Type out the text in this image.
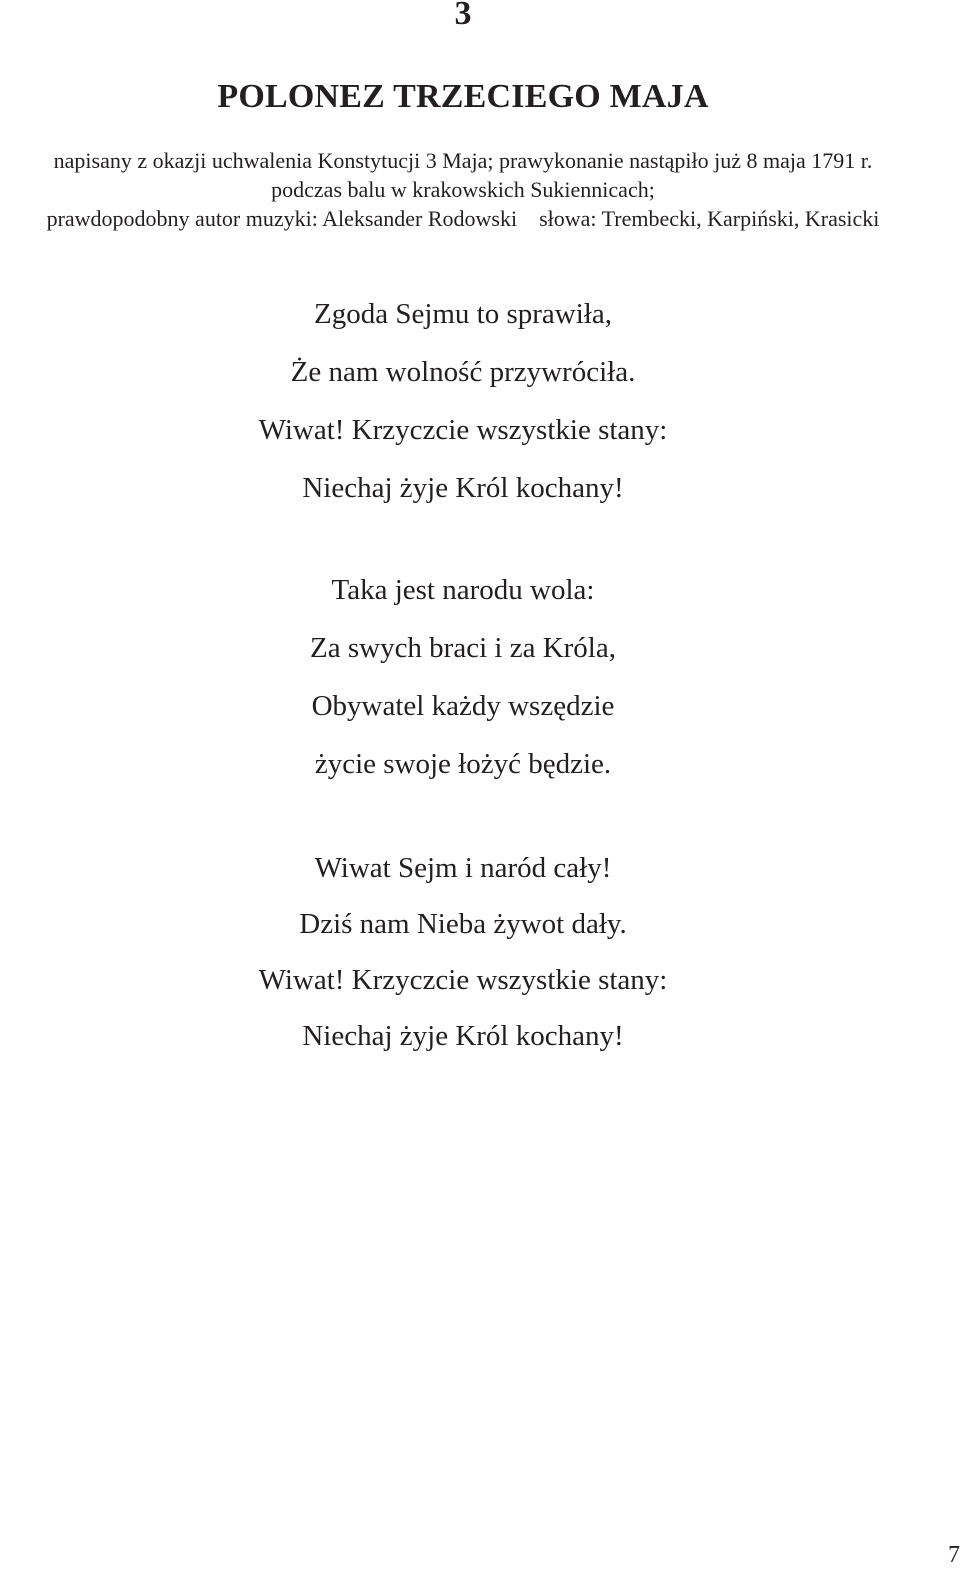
3
POLONEZ TRZECIEGO MAJA
napisany z okazji uchwalenia Konstytucji 3 Maja; prawykonanie nastąpiło już 8 maja 1791 r.
podczas balu w krakowskich Sukiennicach;
prawdopodobny autor muzyki: Aleksander Rodowski    słowa: Trembecki, Karpiński, Krasicki
Zgoda Sejmu to sprawiła,
Że nam wolność przywróciła.
Wiwat! Krzyczcie wszystkie stany:
Niechaj żyje Król kochany!
Taka jest narodu wola:
Za swych braci i za Króla,
Obywatel każdy wszędzie
życie swoje łożyć będzie.
Wiwat Sejm i naród cały!
Dziś nam Nieba żywot dały.
Wiwat! Krzyczcie wszystkie stany:
Niechaj żyje Król kochany!
7
